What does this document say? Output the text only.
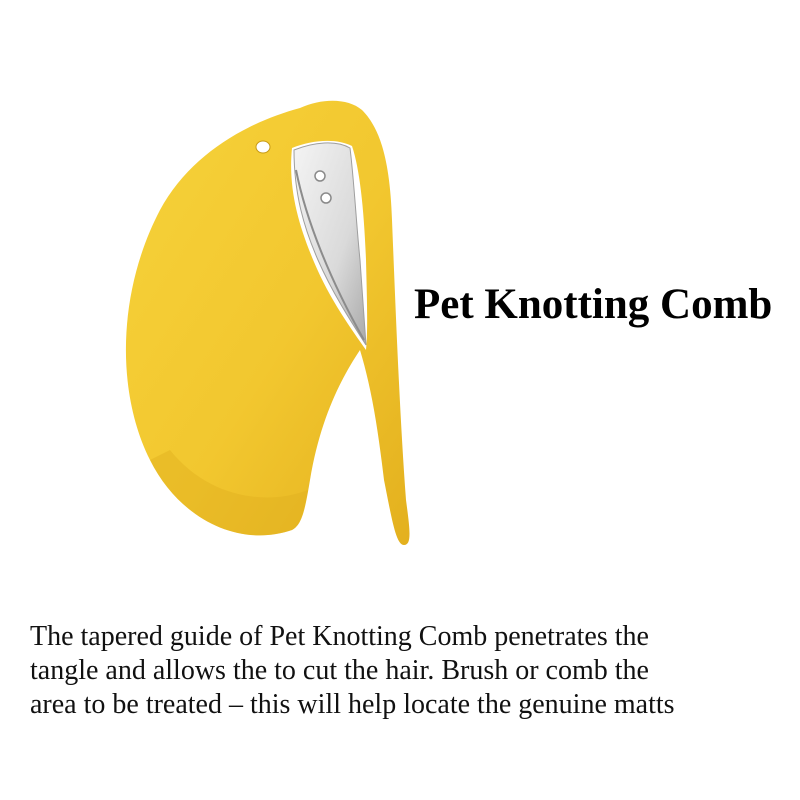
Pet Knotting Comb

The tapered guide of Pet Knotting Comb penetrates the
tangle and allows the to cut the hair. Brush or comb the
area to be treated – this will help locate the genuine matts
